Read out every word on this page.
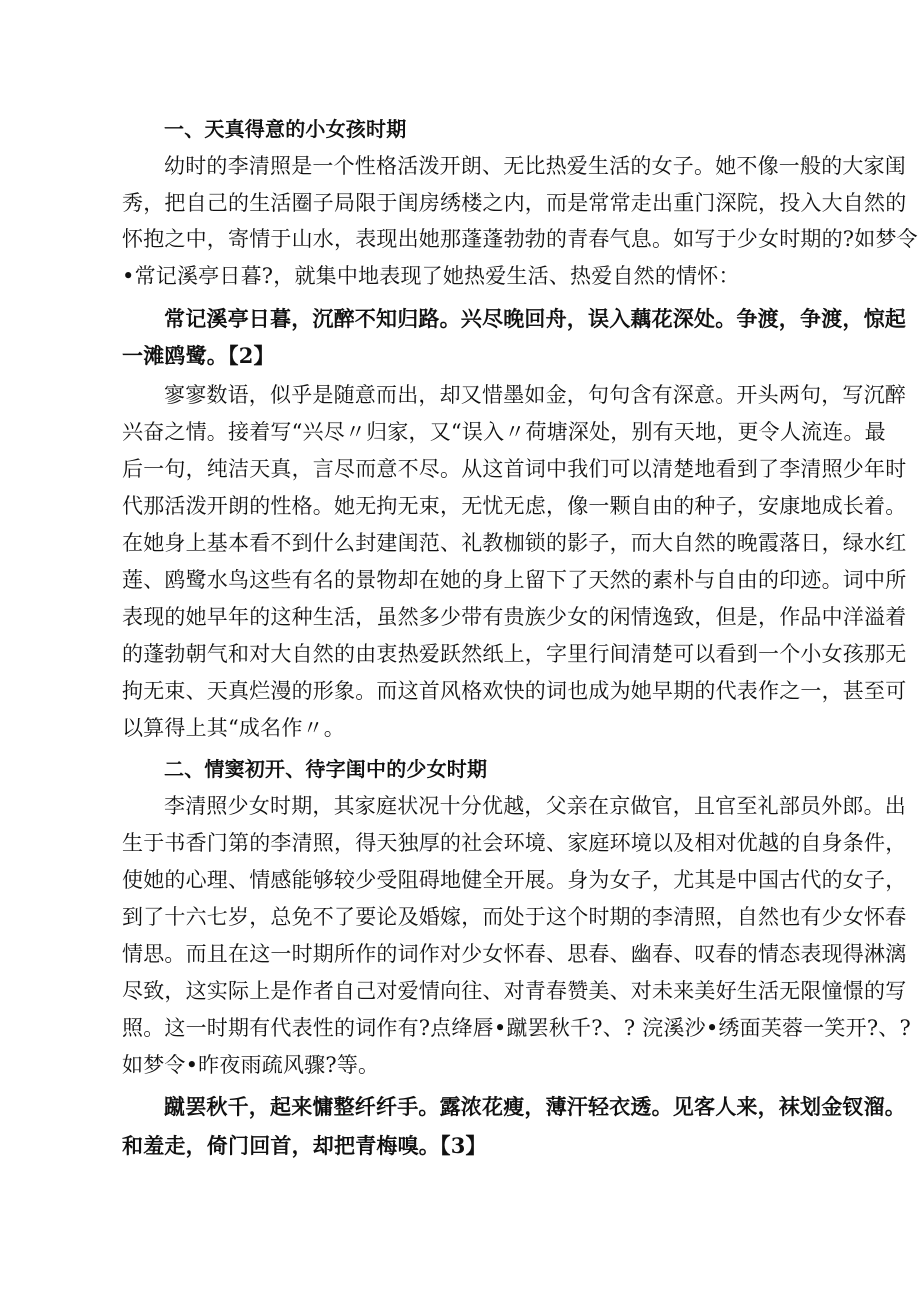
一、天真得意的小女孩时期
幼时的李清照是一个性格活泼开朗、无比热爱生活的女子。她不像一般的大家闺
秀，把自己的生活圈子局限于闺房绣楼之内，而是常常走出重门深院，投入大自然的
怀抱之中，寄情于山水，表现出她那蓬蓬勃勃的青春气息。如写于少女时期的?如梦令
•常记溪亭日暮?，就集中地表现了她热爱生活、热爱自然的情怀：
常记溪亭日暮，沉醉不知归路。兴尽晚回舟，误入藕花深处。争渡，争渡，惊起
一滩鸥鹭。【2】
寥寥数语，似乎是随意而出，却又惜墨如金，句句含有深意。开头两句，写沉醉
兴奋之情。接着写“兴尽〃归家，又“误入〃荷塘深处，别有天地，更令人流连。最
后一句，纯洁天真，言尽而意不尽。从这首词中我们可以清楚地看到了李清照少年时
代那活泼开朗的性格。她无拘无束，无忧无虑，像一颗自由的种子，安康地成长着。
在她身上基本看不到什么封建闺范、礼教枷锁的影子，而大自然的晚霞落日，绿水红
莲、鸥鹭水鸟这些有名的景物却在她的身上留下了天然的素朴与自由的印迹。词中所
表现的她早年的这种生活，虽然多少带有贵族少女的闲情逸致，但是，作品中洋溢着
的蓬勃朝气和对大自然的由衷热爱跃然纸上，字里行间清楚可以看到一个小女孩那无
拘无束、天真烂漫的形象。而这首风格欢快的词也成为她早期的代表作之一，甚至可
以算得上其“成名作〃。
二、情窦初开、待字闺中的少女时期
李清照少女时期，其家庭状况十分优越，父亲在京做官，且官至礼部员外郎。出
生于书香门第的李清照，得天独厚的社会环境、家庭环境以及相对优越的自身条件，
使她的心理、情感能够较少受阻碍地健全开展。身为女子，尤其是中国古代的女子，
到了十六七岁，总免不了要论及婚嫁，而处于这个时期的李清照，自然也有少女怀春
情思。而且在这一时期所作的词作对少女怀春、思春、幽春、叹春的情态表现得淋漓
尽致，这实际上是作者自己对爱情向往、对青春赞美、对未来美好生活无限憧憬的写
照。这一时期有代表性的词作有?点绛唇•蹴罢秋千?、? 浣溪沙•绣面芙蓉一笑开?、?
如梦令•昨夜雨疏风骤?等。
蹴罢秋千，起来慵整纤纤手。露浓花瘦，薄汗轻衣透。见客人来，袜划金钗溜。
和羞走，倚门回首，却把青梅嗅。【3】
